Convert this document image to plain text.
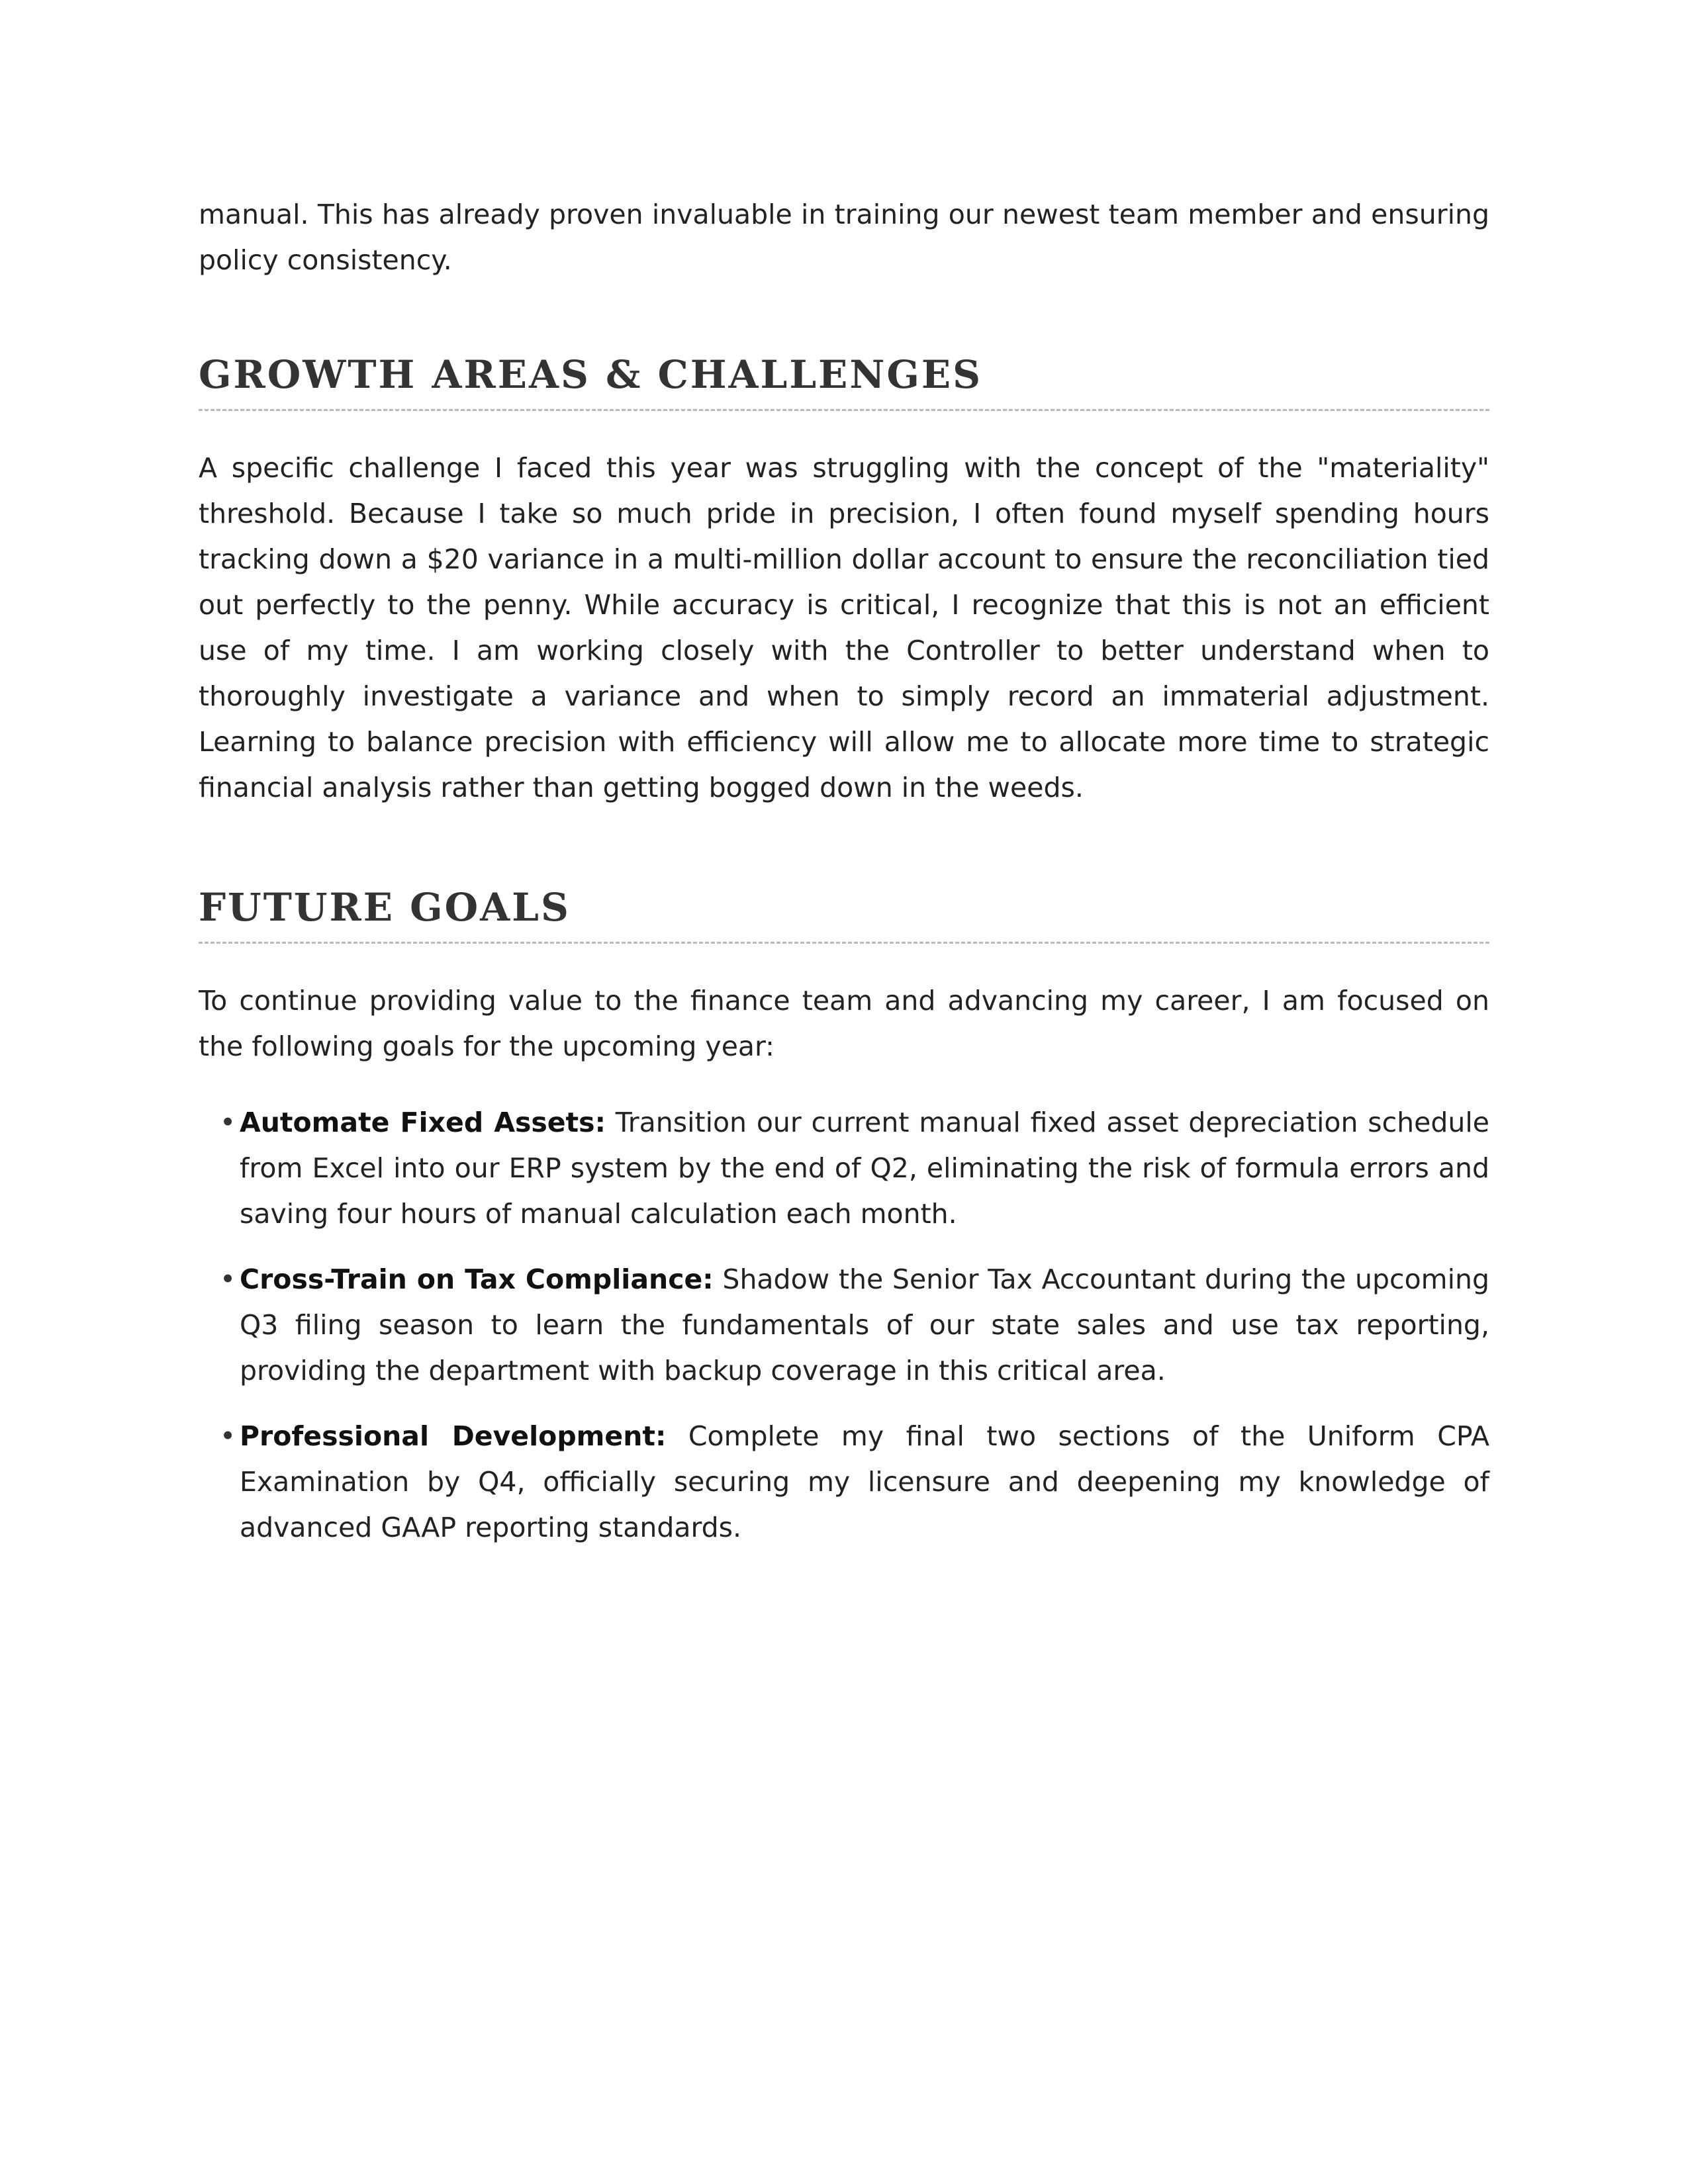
manual. This has already proven invaluable in training our newest team member and ensuring policy consistency.

GROWTH AREAS & CHALLENGES

A specific challenge I faced this year was struggling with the concept of the "materiality" threshold. Because I take so much pride in precision, I often found myself spending hours tracking down a $20 variance in a multi-million dollar account to ensure the reconciliation tied out perfectly to the penny. While accuracy is critical, I recognize that this is not an efficient use of my time. I am working closely with the Controller to better understand when to thoroughly investigate a variance and when to simply record an immaterial adjustment. Learning to balance precision with efficiency will allow me to allocate more time to strategic financial analysis rather than getting bogged down in the weeds.

FUTURE GOALS

To continue providing value to the finance team and advancing my career, I am focused on the following goals for the upcoming year:

• Automate Fixed Assets: Transition our current manual fixed asset depreciation schedule from Excel into our ERP system by the end of Q2, eliminating the risk of formula errors and saving four hours of manual calculation each month.
• Cross-Train on Tax Compliance: Shadow the Senior Tax Accountant during the upcoming Q3 filing season to learn the fundamentals of our state sales and use tax reporting, providing the department with backup coverage in this critical area.
• Professional Development: Complete my final two sections of the Uniform CPA Examination by Q4, officially securing my licensure and deepening my knowledge of advanced GAAP reporting standards.
